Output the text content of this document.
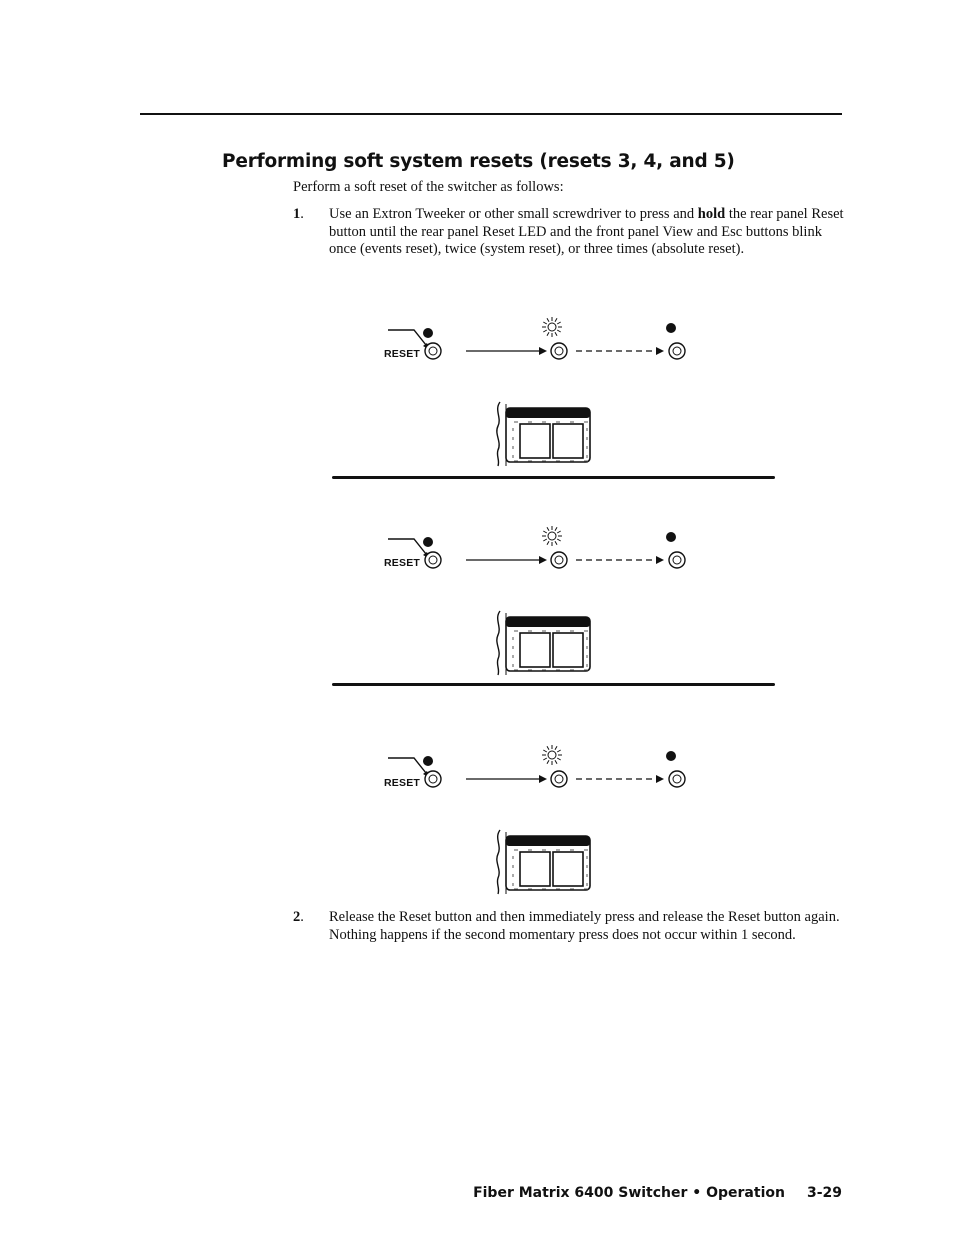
Performing soft system resets (resets 3, 4, and 5)
Perform a soft reset of the switcher as follows:
1. Use an Extron Tweeker or other small screwdriver to press and hold the rear panel Reset button until the rear panel Reset LED and the front panel View and Esc buttons blink once (events reset), twice (system reset), or three times (absolute reset).
RESET
RESET
RESET
2. Release the Reset button and then immediately press and release the Reset button again. Nothing happens if the second momentary press does not occur within 1 second.
Fiber Matrix 6400 Switcher • Operation 3-29
